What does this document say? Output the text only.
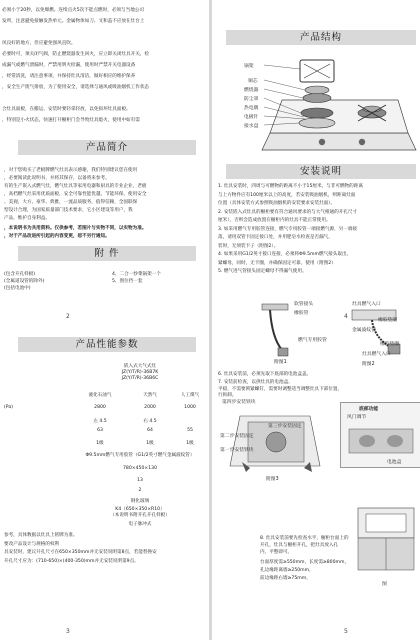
必须小于20秒，以免爆燃。连续点火5次不能点燃时，必须与当地公司
发所，注意避免接触发热单元。金属物体如刀、叉和盖不应放在灶台上
风良好的地方，但应避免强风直吹。
必要时可，须关闭气阀，防止燃烧器发生回火，应立即关闭灶具开关，检
成漏气或燃气泄漏时，严禁用明火检漏，使用时严禁开关电器设备
，经常清洗，请注意事项，并保持灶具清洁，做好相应的维护保养
，安全生产废气排放，为了使用安全，请选择与通风或吸油烟机工作状态
合灶具面板，在搬运、安装时要轻拿轻放，以免损坏灶具面板。
，特别是小火状态，快速打开橱柜门会导致灶具熄火，使用中如有需
产品简介
，对于您购买了老板牌燃气灶具表示感谢，我们特别建议您在使用
，必要阅读此说明书，并将其保存，以备将来参考。
有的生产嵌入式燃气灶，燃气灶具等家用电器和厨具的专业企业，老板
，高档燃气灶采用优质面板，安全可靠性能优越，节能环保，使用安全
、美观、大方、豪华、典雅，一流品质服务，值得信赖，全国联保
型设计合理，为国家质量部门技术要求，它小区建设等用户，我
产品，维护自身利益。
，本说明书为共用资料。仅供参考，若图片与实物不同，以实物为准。
，对于产品改进所引起的内容变更，恕不另行通知。
附 件
(包含开孔样板)
(全属道设管的除外)
(包括电池中)
4、二合一炒菜锅架一个
5、围位挡一套
2
产品性能参数
嵌入式大气式灶
JZ(Y/T/R)-36B7K
JZ(Y/T/R)-36B6C
液化石油气	天然气	人工煤气
(Pa)	2800	2000	1000
左 4.5	右 4.5
63	64	55
1级	1级	1级
Φ9.5mm燃气专用胶管（G1/2英寸燃气金属波纹管）
780×450×130
13
2
钢化玻璃
K4（650×350×R10）
（本说明书附开孔开孔样板）
电子脉冲式
参考，具体数据以灶具上铭牌为准。
要改产品设计与规格的权利
具安装时，建议开孔尺寸在650×350mm并无安装说明第8点，若能替换安
开孔尺寸应为：(710-650)×(400-350)mm并无安装说明第9点。
3
产品结构
锅架
铜芯
燃烧器
防尘罩
热电偶
电极针
接水盘
4
安装说明
1. 灶具安装时，四周与可燃物的距离不小于15厘米，与非可燃物的距离
与上方物件应有100厘米以上的高度，若安装吸油烟机，则距离灶面
位置（具体安装方式参照吸油烟机的安装要求安装灶面）。
2. 安装嵌入式灶具的橱柜要有符合通风要求的与大气相通的开孔尺寸
厘米），否则会造成放置在橱柜内的灶具不能正常使用。
3. 如采用燃气专用胶管连接，燃气专用胶管一端接燃气源，另一端接
落，请用双管卡固定接口处，并用肥皂水检查是否漏气，
装时，无须装卡子（附图2）。
4. 如果采用G1/2英寸接口连接，必须将Φ9.5mm燃气接头取出，
紧螺母，同时，无卡圈，并确保固定可靠，使用（附图2）
5. 燃气进气管接头固定螺母不得漏气使用。
软管接头
橡胶管
燃气专用胶管
灶具燃气入口
橡胶垫圈
金属波纹管
橡胶垫圈
灶具燃气入口
附图1	附图2
6. 灶具安装前，必须先取下底部的电池盒盖。
7. 安装前检查，以供灶具的电池盒、
平稳，不需要锁紧螺钉，需要时调整适当调整灶具下部位置，
行拆卸。
第四步安装铁块
第三步安装固定
第二步安装固定
第一步安装铁块
附图3
底部功能
风门调节
电池盒
8. 灶具安装前要先检查水平，橱柜台面上的
开孔，灶具与橱柜开孔，把灶具放入孔
内，平整即可。
台面厚度需≥550mm，长度需≥800mm，
孔边缘距离墙≥250mm，
前边缘距右墙≥75mm，
图
5
